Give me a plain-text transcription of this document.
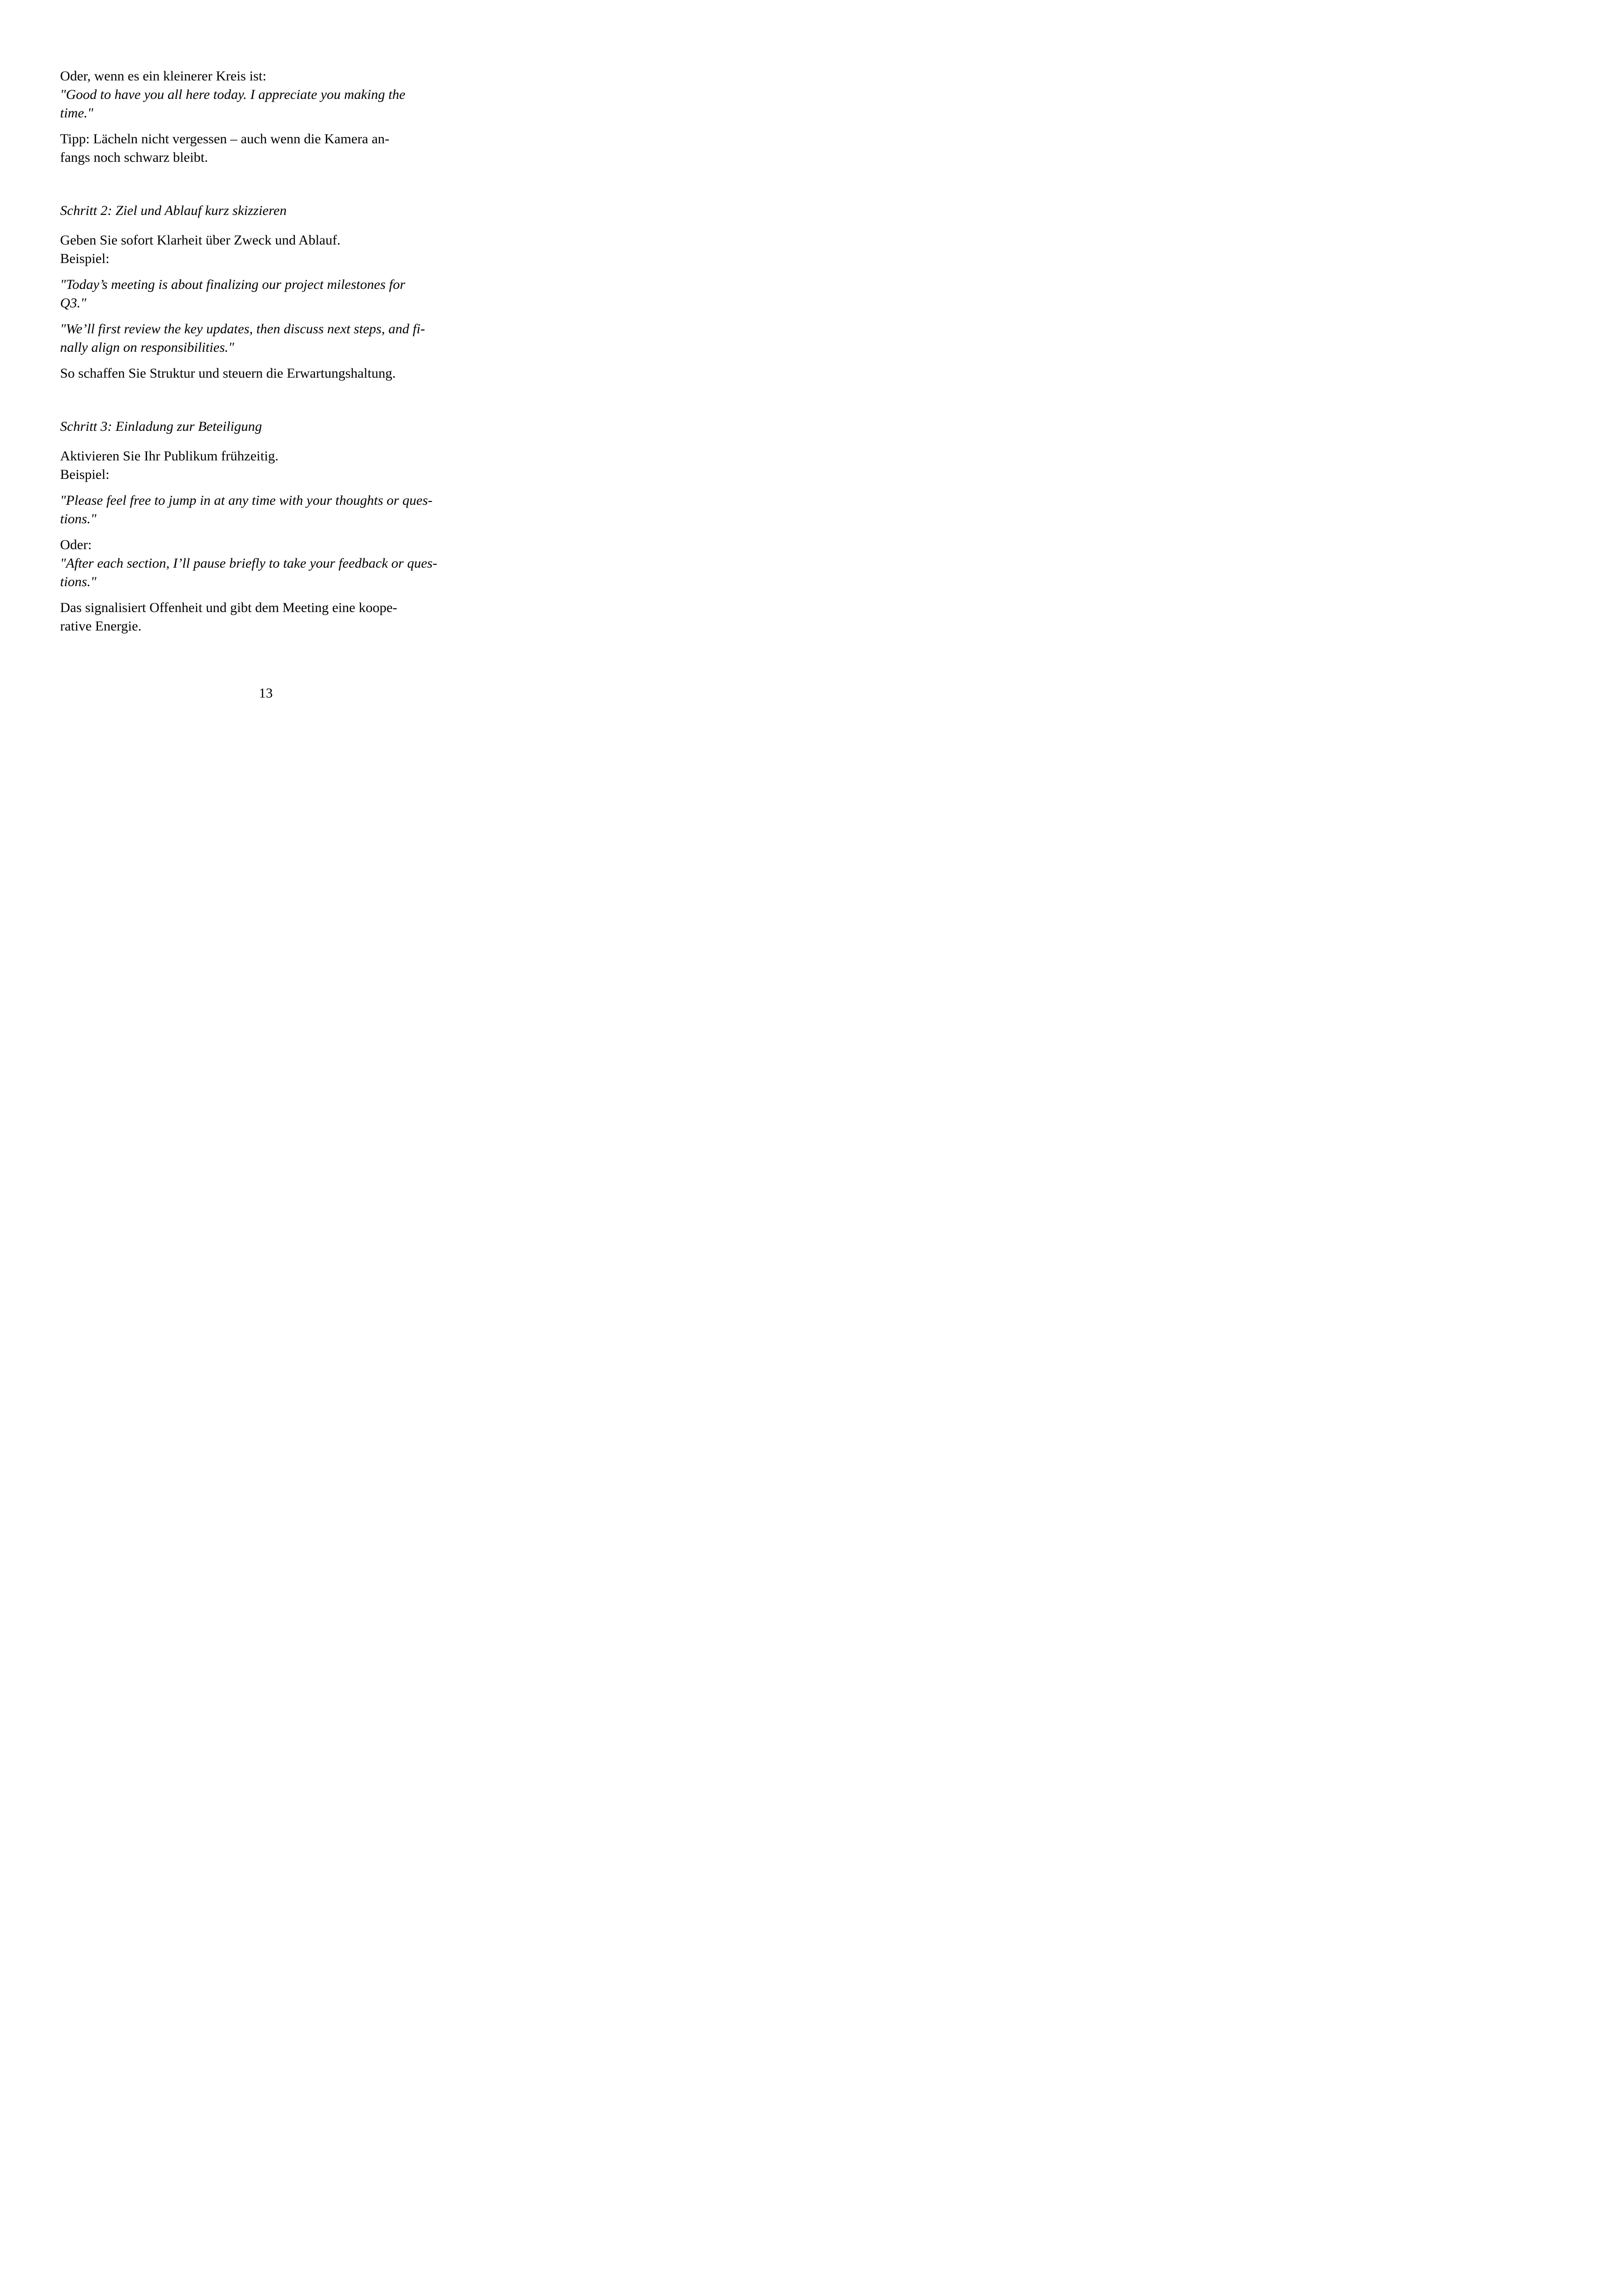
Oder, wenn es ein kleinerer Kreis ist:
"Good to have you all here today. I appreciate you making the
time."

Tipp: Lächeln nicht vergessen – auch wenn die Kamera an-
fangs noch schwarz bleibt.

Schritt 2: Ziel und Ablauf kurz skizzieren

Geben Sie sofort Klarheit über Zweck und Ablauf.
Beispiel:

"Today’s meeting is about finalizing our project milestones for
Q3."

"We’ll first review the key updates, then discuss next steps, and fi-
nally align on responsibilities."

So schaffen Sie Struktur und steuern die Erwartungshaltung.

Schritt 3: Einladung zur Beteiligung

Aktivieren Sie Ihr Publikum frühzeitig.
Beispiel:

"Please feel free to jump in at any time with your thoughts or ques-
tions."

Oder:
"After each section, I’ll pause briefly to take your feedback or ques-
tions."

Das signalisiert Offenheit und gibt dem Meeting eine koope-
rative Energie.

13
